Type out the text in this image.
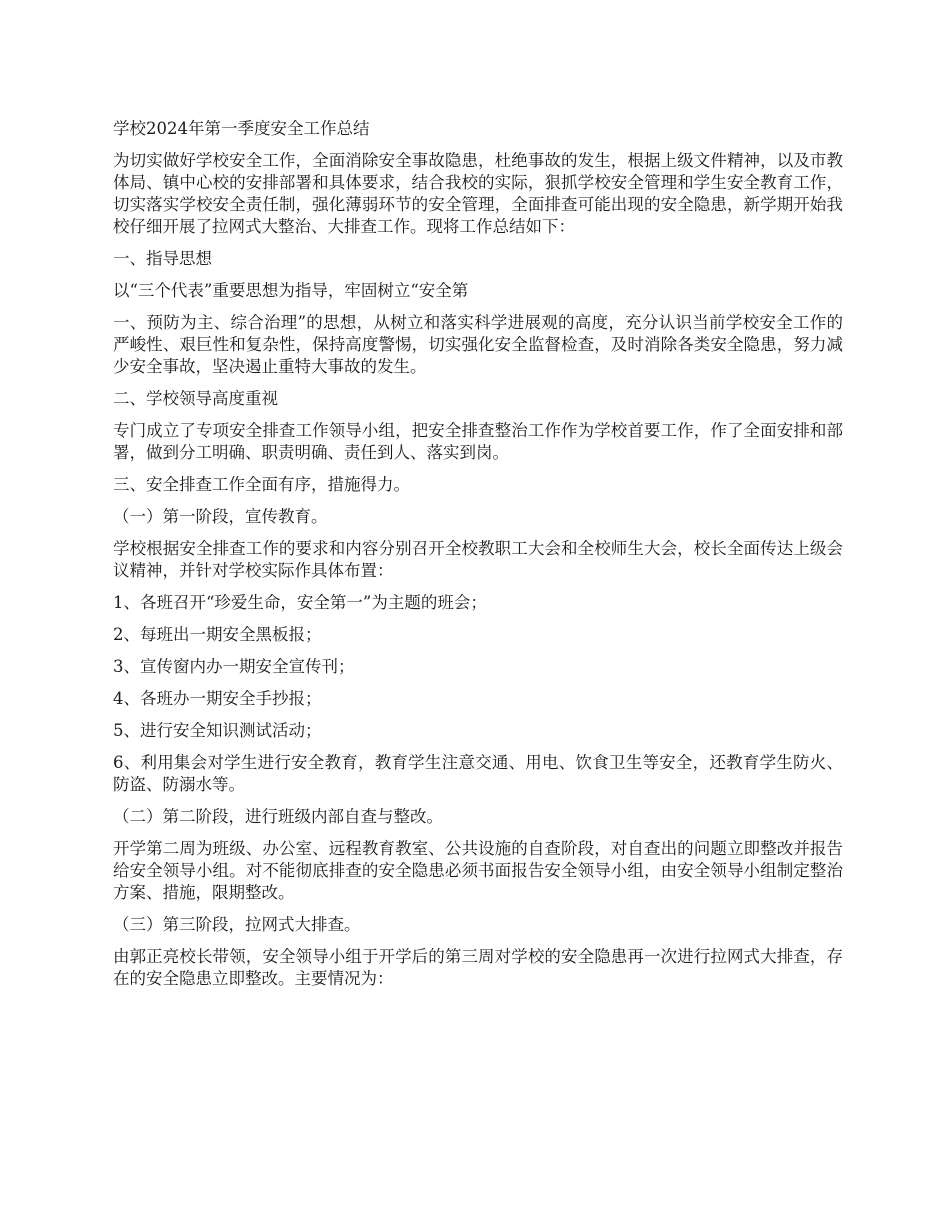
学校2024年第一季度安全工作总结

为切实做好学校安全工作，全面消除安全事故隐患，杜绝事故的发生，根据上级文件精神，以及市教体局、镇中心校的安排部署和具体要求，结合我校的实际，狠抓学校安全管理和学生安全教育工作，切实落实学校安全责任制，强化薄弱环节的安全管理，全面排查可能出现的安全隐患，新学期开始我校仔细开展了拉网式大整治、大排查工作。现将工作总结如下：

一、指导思想

以“三个代表”重要思想为指导，牢固树立“安全第

一、预防为主、综合治理”的思想，从树立和落实科学进展观的高度，充分认识当前学校安全工作的严峻性、艰巨性和复杂性，保持高度警惕，切实强化安全监督检查，及时消除各类安全隐患，努力减少安全事故，坚决遏止重特大事故的发生。

二、学校领导高度重视

专门成立了专项安全排查工作领导小组，把安全排查整治工作作为学校首要工作，作了全面安排和部署，做到分工明确、职责明确、责任到人、落实到岗。

三、安全排查工作全面有序，措施得力。

（一）第一阶段，宣传教育。

学校根据安全排查工作的要求和内容分别召开全校教职工大会和全校师生大会，校长全面传达上级会议精神，并针对学校实际作具体布置：

1、各班召开“珍爱生命，安全第一”为主题的班会；

2、每班出一期安全黑板报；

3、宣传窗内办一期安全宣传刊；

4、各班办一期安全手抄报；

5、进行安全知识测试活动；

6、利用集会对学生进行安全教育，教育学生注意交通、用电、饮食卫生等安全，还教育学生防火、防盗、防溺水等。

（二）第二阶段，进行班级内部自查与整改。

开学第二周为班级、办公室、远程教育教室、公共设施的自查阶段，对自查出的问题立即整改并报告给安全领导小组。对不能彻底排查的安全隐患必须书面报告安全领导小组，由安全领导小组制定整治方案、措施，限期整改。

（三）第三阶段，拉网式大排查。

由郭正亮校长带领，安全领导小组于开学后的第三周对学校的安全隐患再一次进行拉网式大排查，存在的安全隐患立即整改。主要情况为：
